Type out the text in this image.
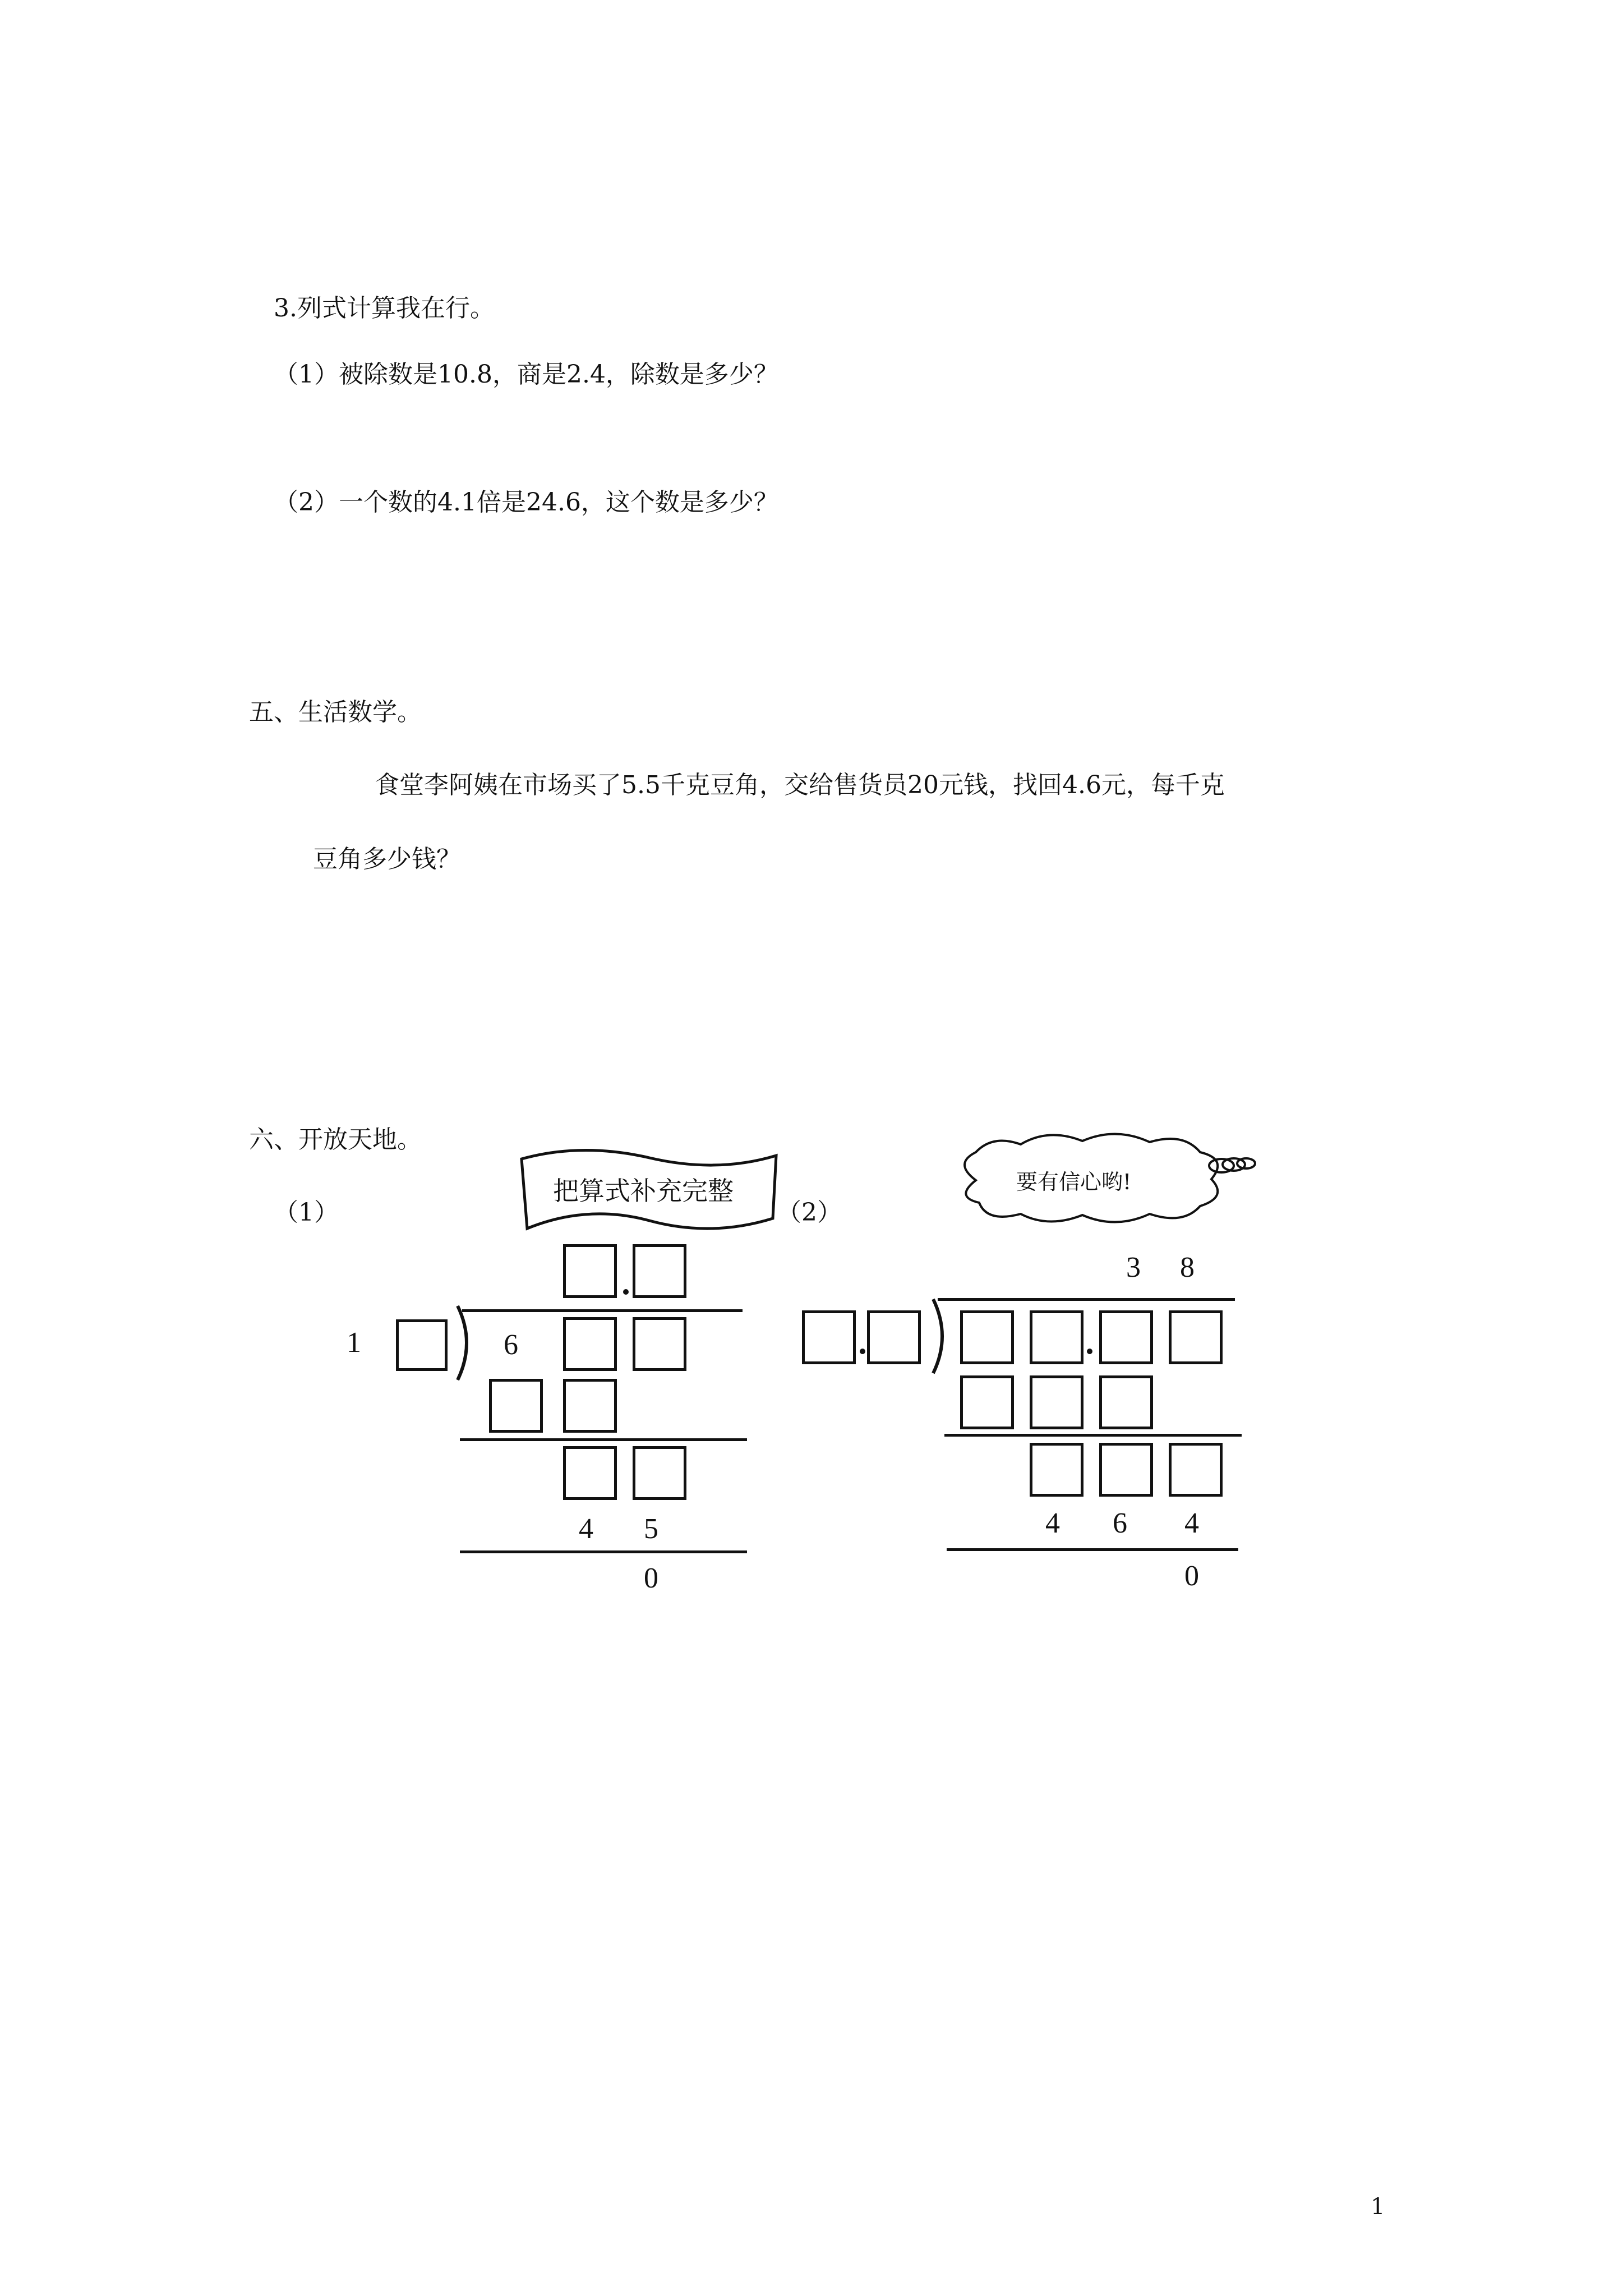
3.列式计算我在行。
（1）被除数是10.8，商是2.4，除数是多少？
（2）一个数的4.1倍是24.6，这个数是多少？
五、生活数学。
食堂李阿姨在市场买了5.5千克豆角，交给售货员20元钱，找回4.6元，每千克
豆角多少钱？
六、开放天地。
（1）	（2）
把算式补充完整	要有信心哟!
1	6
4 5
0
3 8
4 6 4
0
1
